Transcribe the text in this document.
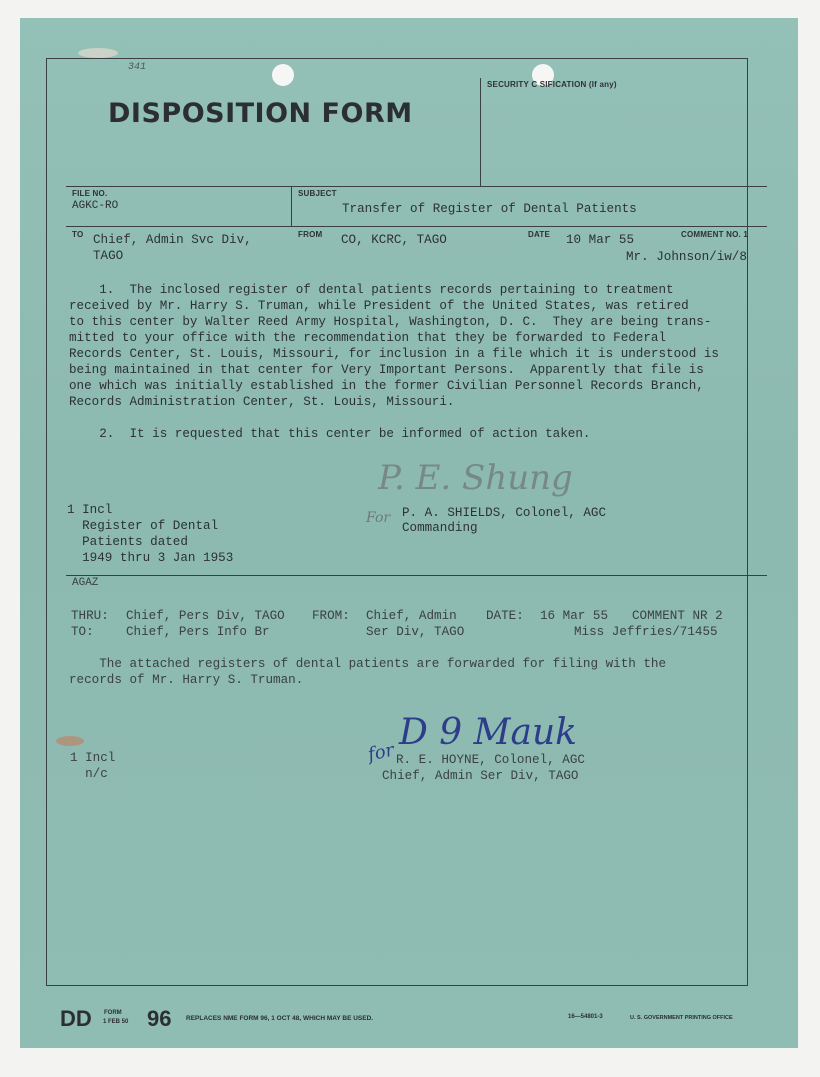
341
DISPOSITION FORM
SECURITY C SIFICATION (If any)
FILE NO.
AGKC-RO
SUBJECT
Transfer of Register of Dental Patients
TO Chief, Admin Svc Div,
TAGO
FROM CO, KCRC, TAGO	DATE 10 Mar 55	COMMENT NO. 1
Mr. Johnson/iw/8
1.  The inclosed register of dental patients records pertaining to treatment
received by Mr. Harry S. Truman, while President of the United States, was retired
to this center by Walter Reed Army Hospital, Washington, D. C.  They are being trans-
mitted to your office with the recommendation that they be forwarded to Federal
Records Center, St. Louis, Missouri, for inclusion in a file which it is understood is
being maintained in that center for Very Important Persons.  Apparently that file is
one which was initially established in the former Civilian Personnel Records Branch,
Records Administration Center, St. Louis, Missouri.
2.  It is requested that this center be informed of action taken.
P. E. Shung
For P. A. SHIELDS, Colonel, AGC
Commanding
1 Incl
Register of Dental
Patients dated
1949 thru 3 Jan 1953
AGAZ
THRU: Chief, Pers Div, TAGO
TO:	Chief, Pers Info Br
FROM: Chief, Admin
Ser Div, TAGO
DATE: 16 Mar 55 COMMENT NR 2
Miss Jeffries/71455
The attached registers of dental patients are forwarded for filing with the
records of Mr. Harry S. Truman.
1 Incl
n/c
D 9 Mauk
for R. E. HOYNE, Colonel, AGC
Chief, Admin Ser Div, TAGO
DD FORM
1 FEB 50 96 REPLACES NME FORM 96, 1 OCT 48, WHICH MAY BE USED.	16—54801-3	U. S. GOVERNMENT PRINTING OFFICE
